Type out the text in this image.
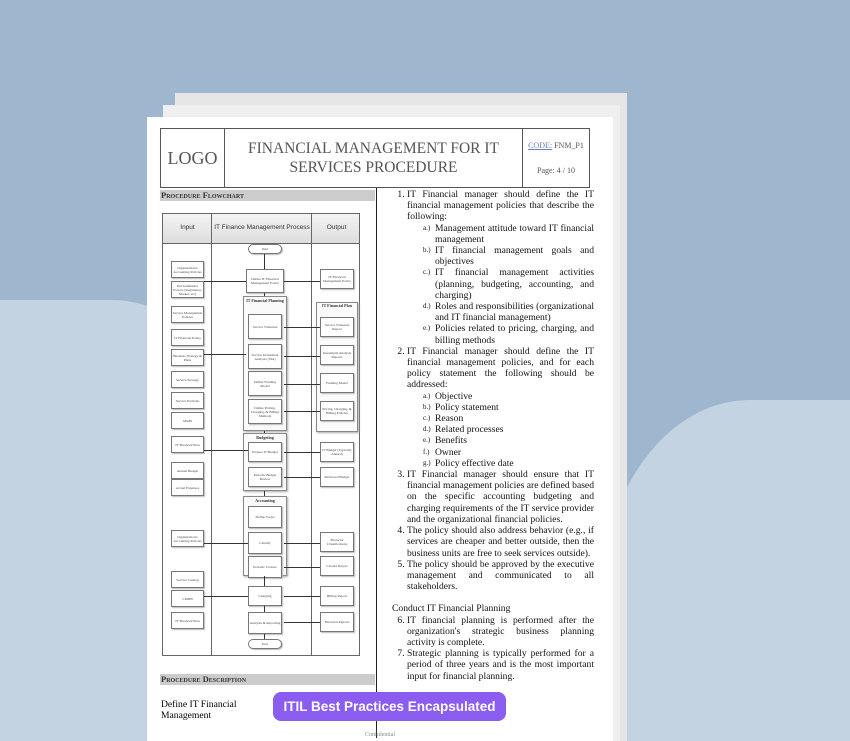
LOGO	FINANCIAL MANAGEMENT FOR IT SERVICES PROCEDURE
CODE: FNM_P1
Page: 4 / 10
Procedure Flowchart
Input	IT Finance Management Process	Output
Organization's Accounting Policies
Environmental Factors (Regulation, Market, etc)
Service Management Policies
IT Financial Policy
Business Strategy & Plans
Service Strategy
Service Portfolio
SKMS
IT Financial Plan
Annual Budget
Actual Expenses
Organization's Accounting Policies
Service Catalog
CMDB
IT Financial Plan
Start
Define IT Financial Management Policy
IT Financial Planning
Service Valuation
Service Investment Analysis (SIA)
Define Funding Model
Define Pricing, Charging, & Billing Methods
Budgeting
Prepare IT Budget
Periodic Budget Review
Accounting
Define Scope
Classify
Periodic Closure
Charging
Analysis & Reporting
End
IT Financial Plan
IT Financial Management Policy
Service Valuation Report
Investment Analysis Reports
Funding Model
Pricing, Charging, & Billing Policies
IT Budget (Typically Annual)
Reviewed Budget
Financial Classifications
Closure Report
Billing Report
Financial Reports
Procedure Description
Define IT Financial Management
1. IT Financial manager should define the IT financial management policies that describe the following:
a.) Management attitude toward IT financial management
b.) IT financial management goals and objectives
c.) IT financial management activities (planning, budgeting, accounting, and charging)
d.) Roles and responsibilities (organizational and IT financial management)
e.) Policies related to pricing, charging, and billing methods
2. IT Financial manager should define the IT financial management policies, and for each policy statement the following should be addressed:
a.) Objective
b.) Policy statement
c.) Reason
d.) Related processes
e.) Benefits
f.) Owner
g.) Policy effective date
3. IT Financial manager should ensure that IT financial management policies are defined based on the specific accounting budgeting and charging requirements of the IT service provider and the organizational financial policies.
4. The policy should also address behavior (e.g., if services are cheaper and better outside, then the business units are free to seek services outside).
5. The policy should be approved by the executive management and communicated to all stakeholders.
Conduct IT Financial Planning
6. IT financial planning is performed after the organization's strategic business planning activity is complete.
7. Strategic planning is typically performed for a period of three years and is the most important input for financial planning.
Confidential
ITIL Best Practices Encapsulated
